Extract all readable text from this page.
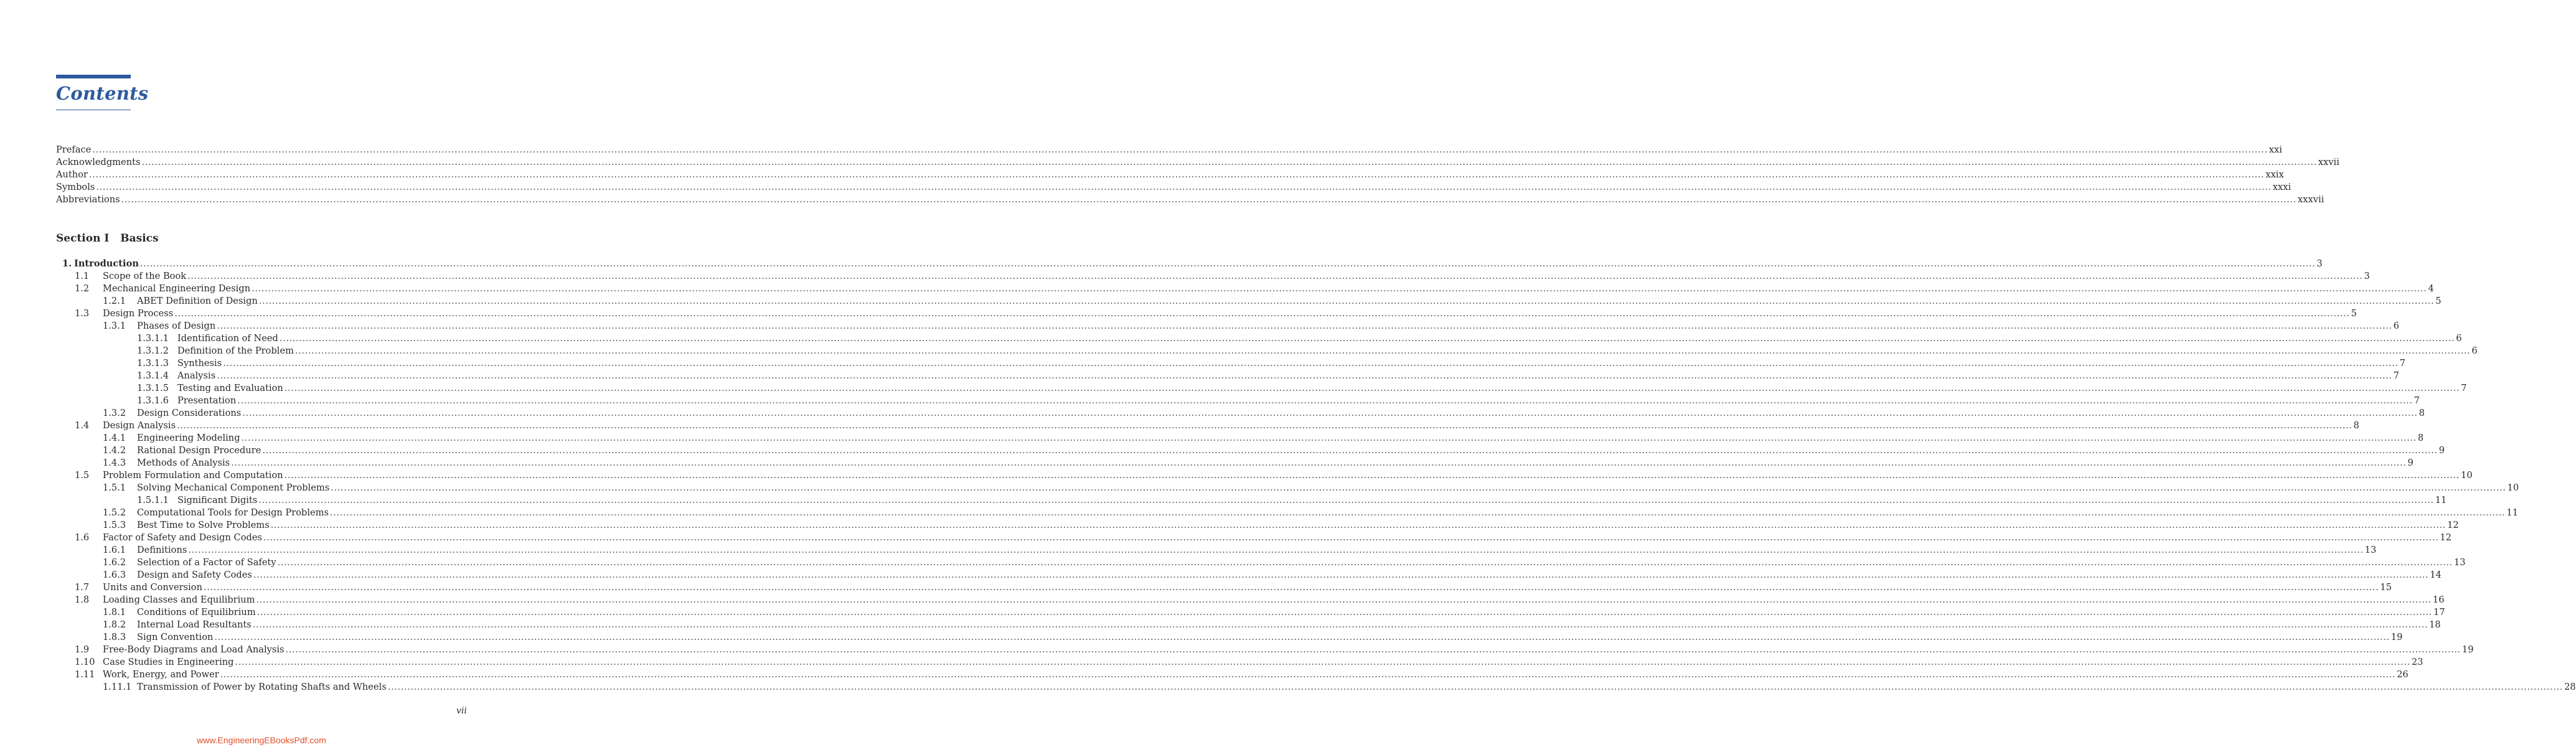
Contents
Preface .....	xxi
Acknowledgments .....	xxvii
Author .....	xxix
Symbols .....	xxxi
Abbreviations .....	xxxvii
Section I Basics
1. Introduction .....	3
1.1 Scope of the Book .....	3
1.2 Mechanical Engineering Design .....	4
1.2.1 ABET Definition of Design .....	5
1.3 Design Process .....	5
1.3.1 Phases of Design .....	6
1.3.1.1 Identification of Need .....	6
1.3.1.2 Definition of the Problem .....	6
1.3.1.3 Synthesis .....	7
1.3.1.4 Analysis .....	7
1.3.1.5 Testing and Evaluation .....	7
1.3.1.6 Presentation .....	7
1.3.2 Design Considerations .....	8
1.4 Design Analysis .....	8
1.4.1 Engineering Modeling .....	8
1.4.2 Rational Design Procedure .....	9
1.4.3 Methods of Analysis .....	9
1.5 Problem Formulation and Computation .....	10
1.5.1 Solving Mechanical Component Problems .....	10
1.5.1.1 Significant Digits .....	11
1.5.2 Computational Tools for Design Problems .....	11
1.5.3 Best Time to Solve Problems .....	12
1.6 Factor of Safety and Design Codes .....	12
1.6.1 Definitions .....	13
1.6.2 Selection of a Factor of Safety .....	13
1.6.3 Design and Safety Codes .....	14
1.7 Units and Conversion .....	15
1.8 Loading Classes and Equilibrium .....	16
1.8.1 Conditions of Equilibrium .....	17
1.8.2 Internal Load Resultants .....	18
1.8.3 Sign Convention .....	19
1.9 Free-Body Diagrams and Load Analysis .....	19
1.10 Case Studies in Engineering .....	23
1.11 Work, Energy, and Power .....	26
1.11.1 Transmission of Power by Rotating Shafts and Wheels .....	28
vii
www.EngineeringEBooksPdf.com
